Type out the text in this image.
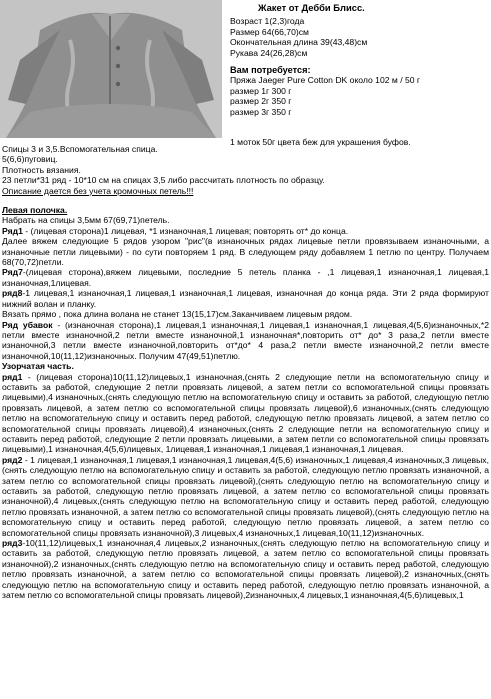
Жакет от Дебби Блисс.
Возраст 1(2,3)года
Размер 64(66,70)см
Окончательная длина 39(43,48)см
Рукава 24(26,28)см
Вам потребуется:
Пряжа Jaeger Pure Cotton DK около 102 м / 50 г
размер 1г 300 г
размер 2г 350 г
размер 3г 350 г
1 моток 50г цвета беж для украшения буфов.

Спицы 3 и 3,5.Вспомогательная спица.

5(6,6)пуговиц.

Плотность вязания.

23 петли*31 ряд - 10*10 см на спицах 3,5 либо рассчитать плотность по образцу.

Описание дается без учета кромочных петель!!!

Левая полочка.

Набрать на спицы 3,5мм 67(69,71)петель.

Ряд1 - (лицевая сторона)1 лицевая, *1 изнаночная,1 лицевая; повторять от* до конца.

Далее вяжем следующие 5 рядов узором "рис"(в изнаночных рядах лицевые петли провязываем изнаночными, а изнаночные петли лицевыми) - по сути повторяем 1 ряд. В следующем ряду добавляем 1 петлю по центру. Получаем 68(70,72)петли.

Ряд7-(лицевая сторона),вяжем лицевыми, последние 5 петель планка - ,1 лицевая,1 изнаночная,1 лицевая,1 изнаночная,1лицевая.

ряд8-1 лицевая,1 изнаночная,1 лицевая,1 изнаночная,1 лицевая, изнаночная до конца ряда. Эти 2 ряда формируют нижний волан и планку.

Вязать прямо , пока длина волана не станет 13(15,17)см.Заканчиваем лицевым рядом.

Ряд убавок - (изнаночная сторона),1 лицевая,1 изнаночная,1 лицевая,1 изнаночная,1 лицевая,4(5,6)изнаночных,*2 петли вместе изнаночной,2 петли вместе изнаночной,1 изнаночная*,повторить от* до* 3 раза,2 петли вместе изнаночной,3 петли вместе изнаночной,повторить от*до* 4 раза,2 петли вместе изнаночной,2 петли вместе изнаночной,10(11,12)изнаночных. Получим 47(49,51)петлю.

Узорчатая часть.

ряд1 - (лицевая сторона)10(11,12)лицевых,1 изнаночная,(снять 2 следующие петли на вспомогательную спицу и оставить за работой, следующие 2 петли провязать лицевой, а затем петли со вспомогательной спицы провязать лицевыми),4 изнаночных,(снять следующую петлю на вспомогательную спицу и оставить за работой, следующую петлю провязать лицевой, а затем петлю со вспомогательной спицы провязать лицевой),6 изнаночных,(снять следующую петлю на вспомогательную спицу и оставить перед работой, следующую петлю провязать лицевой, а затем петлю со вспомогательной спицы провязать лицевой),4 изнаночных,(снять 2 следующие петли на вспомогательную спицу и оставить перед работой, следующие 2 петли провязать лицевыми, а затем петли со вспомогательной спицы провязать лицевыми),1 изнаночная,4(5,6)лицевых, 1лицевая,1 изнаночная,1 лицевая,1 изнаночная,1 лицевая.

ряд2 - 1 лицевая,1 изнаночная,1 лицевая,1 изнаночная,1 лицевая,4(5,6) изнаночных,1 лицевая,4 изнаночных,3 лицевых,(снять следующую петлю на вспомогательную спицу и оставить за работой, следующую петлю провязать изнаночной, а затем петлю со вспомогательной спицы провязать лицевой),(снять следующую петлю на вспомогательную спицу и оставить за работой, следующую петлю провязать лицевой, а затем петлю со вспомогательной спицы провязать изнаночной),4 лицевых,(снять следующую петлю на вспомогательную спицу и оставить перед работой, следующую петлю провязать изнаночной, а затем петлю со вспомогательной спицы провязать лицевой),(снять следующую петлю на вспомогательную спицу и оставить перед работой, следующую петлю провязать лицевой, а затем петлю со вспомогательной спицы провязать изнаночной),3 лицевых,4 изнаночных,1 лицевая,10(11,12)изнаночных.

ряд3-10(11,12)лицевых,1 изнаночная,4 лицевых,2 изнаночных,(снять следующую петлю на вспомогательную спицу и оставить за работой, следующую петлю провязать лицевой, а затем петлю со вспомогательной спицы провязать изнаночной),2 изнаночных,(снять следующую петлю на вспомогательную спицу и оставить перед работой, следующую петлю провязать изнаночной, а затем петлю со вспомогательной спицы провязать лицевой),2 изнаночных,(снять следующую петлю на вспомогательную спицу и оставить перед работой, следующую петлю провязать изнаночной, а затем петлю со вспомогательной спицы провязать лицевой),2изнаночных,4 лицевых,1 изнаночная,4(5,6)лицевых,1
